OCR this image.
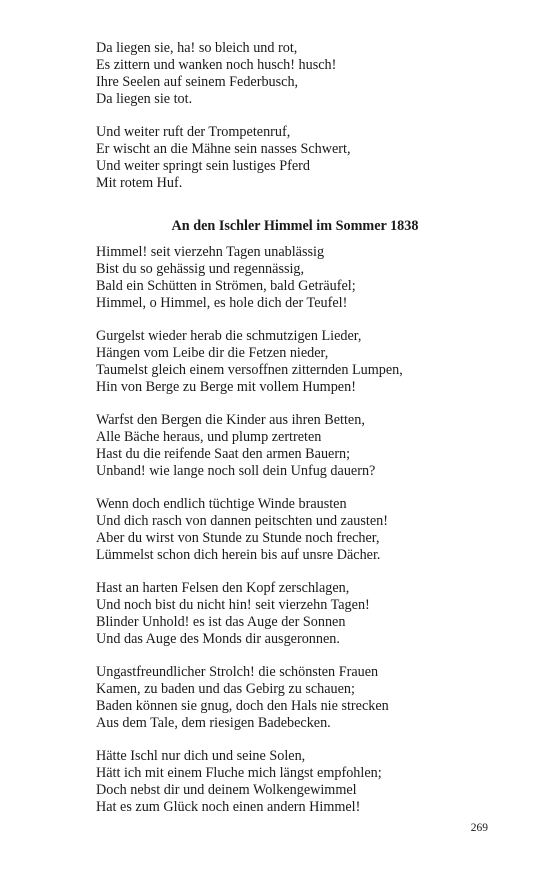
Da liegen sie, ha! so bleich und rot,
Es zittern und wanken noch husch! husch!
Ihre Seelen auf seinem Federbusch,
Da liegen sie tot.
Und weiter ruft der Trompetenruf,
Er wischt an die Mähne sein nasses Schwert,
Und weiter springt sein lustiges Pferd
Mit rotem Huf.
An den Ischler Himmel im Sommer 1838
Himmel! seit vierzehn Tagen unablässig
Bist du so gehässig und regennässig,
Bald ein Schütten in Strömen, bald Geträufel;
Himmel, o Himmel, es hole dich der Teufel!
Gurgelst wieder herab die schmutzigen Lieder,
Hängen vom Leibe dir die Fetzen nieder,
Taumelst gleich einem versoffnen zitternden Lumpen,
Hin von Berge zu Berge mit vollem Humpen!
Warfst den Bergen die Kinder aus ihren Betten,
Alle Bäche heraus, und plump zertreten
Hast du die reifende Saat den armen Bauern;
Unband! wie lange noch soll dein Unfug dauern?
Wenn doch endlich tüchtige Winde brausten
Und dich rasch von dannen peitschten und zausten!
Aber du wirst von Stunde zu Stunde noch frecher,
Lümmelst schon dich herein bis auf unsre Dächer.
Hast an harten Felsen den Kopf zerschlagen,
Und noch bist du nicht hin! seit vierzehn Tagen!
Blinder Unhold! es ist das Auge der Sonnen
Und das Auge des Monds dir ausgeronnen.
Ungastfreundlicher Strolch! die schönsten Frauen
Kamen, zu baden und das Gebirg zu schauen;
Baden können sie gnug, doch den Hals nie strecken
Aus dem Tale, dem riesigen Badebecken.
Hätte Ischl nur dich und seine Solen,
Hätt ich mit einem Fluche mich längst empfohlen;
Doch nebst dir und deinem Wolkengewimmel
Hat es zum Glück noch einen andern Himmel!
269
